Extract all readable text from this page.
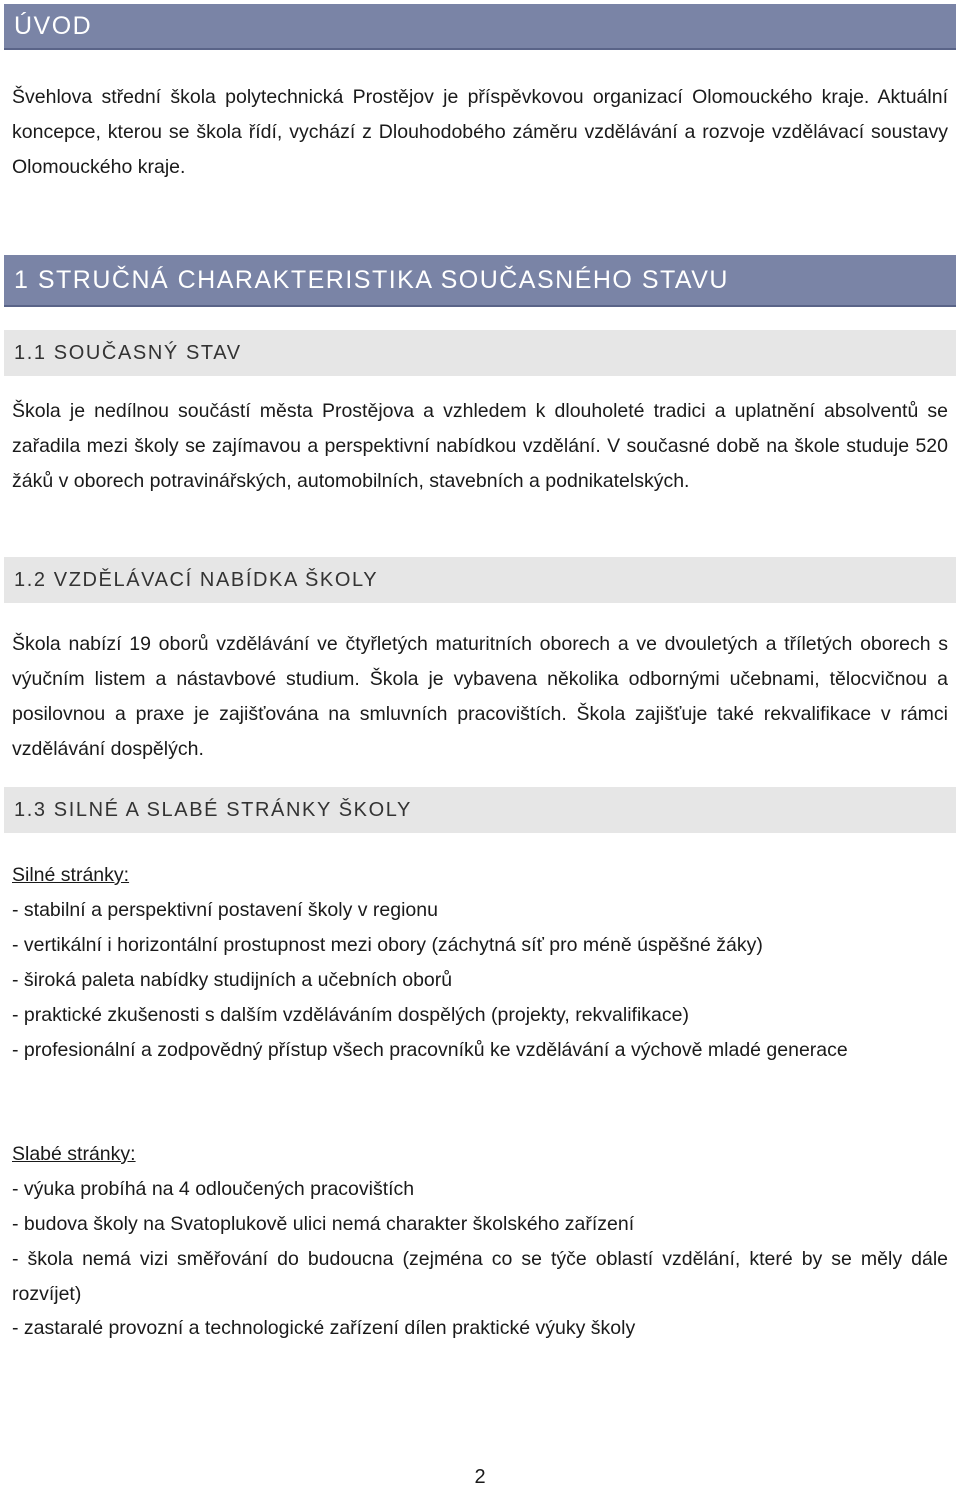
ÚVOD

Švehlova střední škola polytechnická Prostějov je příspěvkovou organizací Olomouckého kraje. Aktuální koncepce, kterou se škola řídí, vychází z Dlouhodobého záměru vzdělávání a rozvoje vzdělávací soustavy Olomouckého kraje.

1 STRUČNÁ CHARAKTERISTIKA SOUČASNÉHO STAVU
1.1 SOUČASNÝ STAV

Škola je nedílnou součástí města Prostějova a vzhledem k dlouholeté tradici a uplatnění absolventů se zařadila mezi školy se zajímavou a perspektivní nabídkou vzdělání. V současné době na škole studuje 520 žáků v oborech potravinářských, automobilních, stavebních a podnikatelských.

1.2 VZDĚLÁVACÍ NABÍDKA ŠKOLY

Škola nabízí 19 oborů vzdělávání ve čtyřletých maturitních oborech a ve dvouletých a tříletých oborech s výučním listem a nástavbové studium. Škola je vybavena několika odbornými učebnami, tělocvičnou a posilovnou a praxe je zajišťována na smluvních pracovištích. Škola zajišťuje také rekvalifikace v rámci vzdělávání dospělých.

1.3 SILNÉ A SLABÉ STRÁNKY ŠKOLY

Silné stránky:

- stabilní a perspektivní postavení školy v regionu

- vertikální i horizontální prostupnost mezi obory (záchytná síť pro méně úspěšné žáky)

- široká paleta nabídky studijních a učebních oborů

- praktické zkušenosti s dalším vzděláváním dospělých (projekty, rekvalifikace)

- profesionální a zodpovědný přístup všech pracovníků ke vzdělávání a výchově mladé generace

Slabé stránky:

- výuka probíhá na 4 odloučených pracovištích

- budova školy na Svatoplukově ulici nemá charakter školského zařízení

- škola nemá vizi směřování do budoucna (zejména co se týče oblastí vzdělání, které by se měly dále rozvíjet)

- zastaralé provozní a technologické zařízení dílen praktické výuky školy

2
